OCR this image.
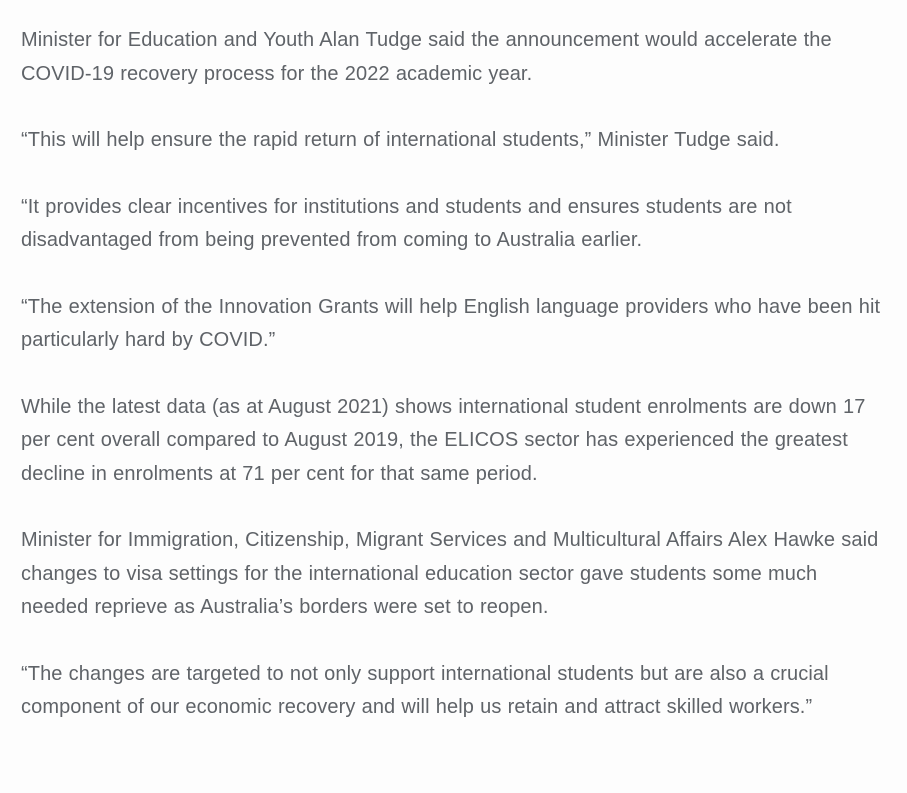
Minister for Education and Youth Alan Tudge said the announcement would accelerate the COVID-19 recovery process for the 2022 academic year.

“This will help ensure the rapid return of international students,” Minister Tudge said.

“It provides clear incentives for institutions and students and ensures students are not disadvantaged from being prevented from coming to Australia earlier.

“The extension of the Innovation Grants will help English language providers who have been hit particularly hard by COVID.”

While the latest data (as at August 2021) shows international student enrolments are down 17 per cent overall compared to August 2019, the ELICOS sector has experienced the greatest decline in enrolments at 71 per cent for that same period.

Minister for Immigration, Citizenship, Migrant Services and Multicultural Affairs Alex Hawke said changes to visa settings for the international education sector gave students some much needed reprieve as Australia’s borders were set to reopen.

“The changes are targeted to not only support international students but are also a crucial component of our economic recovery and will help us retain and attract skilled workers.”
